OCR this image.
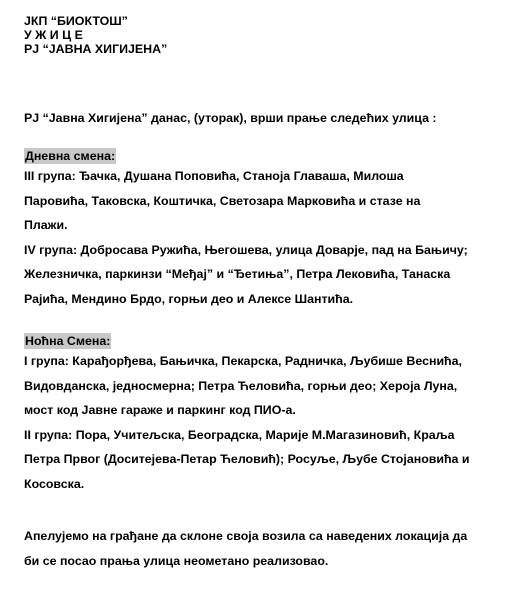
ЈКП “БИОКТОШ”

У Ж И Ц Е

РЈ “ЈАВНА ХИГИЈЕНА”

РЈ “Јавна Хигијена” данас, (уторак), врши прање следећих улица :

Дневна смена:

III група: Ђачка, Душана Поповића, Станоја Главаша, Милоша
Паровића, Таковска, Коштичка, Светозара Марковића и стазе на
Плажи.
IV група: Добросава Ружића, Његошева, улица Доварје, пад на Бањичу;
Железничка, паркинзи “Међај” и “Ђетиња”, Петра Лековића, Танаска
Рајића, Мендино Брдо, горњи део и Алексе Шантића.

Ноћна Смена:

I група: Карађорђева, Бањичка, Пекарска, Радничка, Љубише Веснића,
Видовданска, једносмерна; Петра Ћеловића, горњи део; Хероја Луна,
мост код Јавне гараже и паркинг код ПИО-а.
II група: Пора, Учитељска, Београдска, Марије М.Магазиновић, Краља
Петра Првог (Доситејева-Петар Ћеловић); Росуље, Љубе Стојановића и
Косовска.
Апелујемо на грађане да склоне своја возила са наведених локација да
би се посао прања улица неометано реализовао.
